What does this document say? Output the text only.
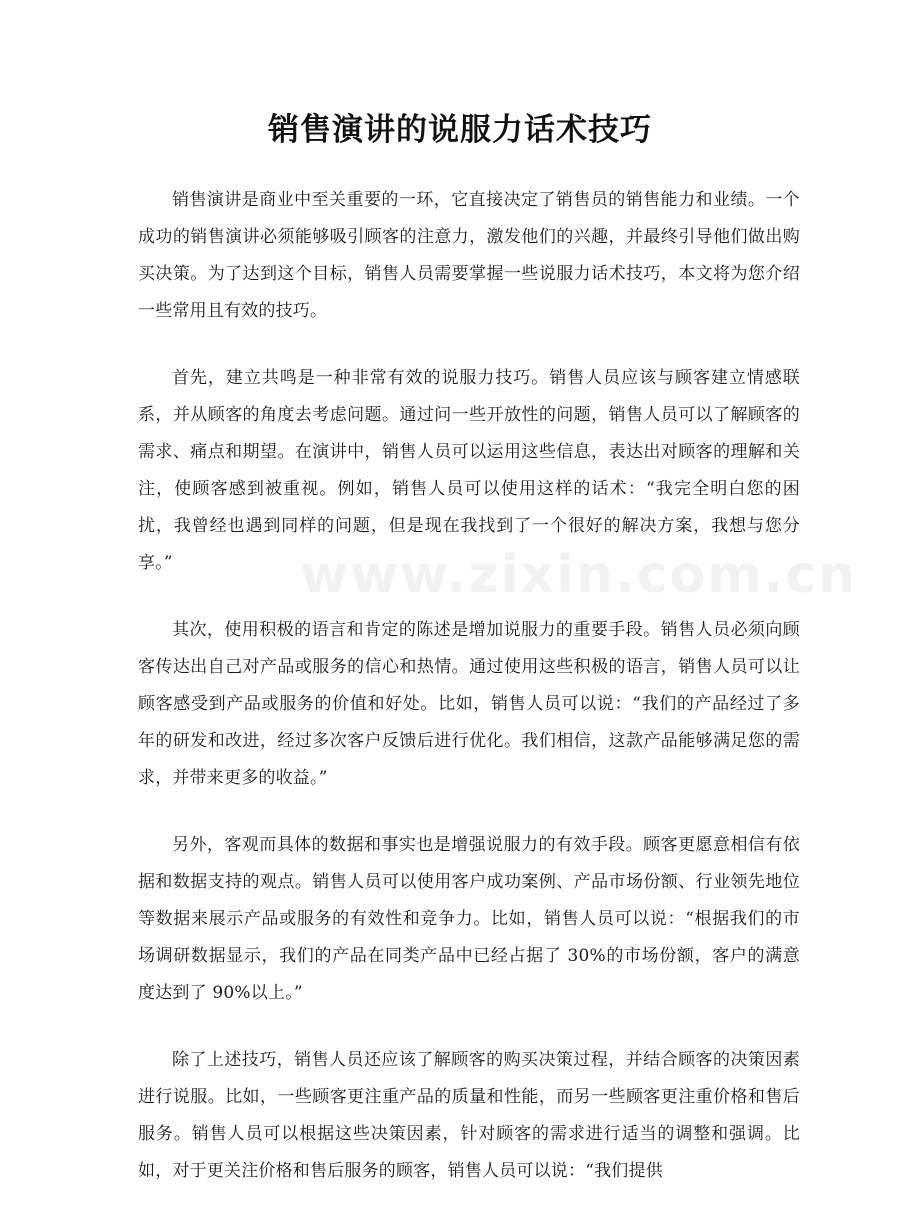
www.zixin.com.cn
销售演讲的说服力话术技巧

销售演讲是商业中至关重要的一环，它直接决定了销售员的销售能力和业绩。一个成功的销售演讲必须能够吸引顾客的注意力，激发他们的兴趣，并最终引导他们做出购买决策。为了达到这个目标，销售人员需要掌握一些说服力话术技巧，本文将为您介绍一些常用且有效的技巧。

首先，建立共鸣是一种非常有效的说服力技巧。销售人员应该与顾客建立情感联系，并从顾客的角度去考虑问题。通过问一些开放性的问题，销售人员可以了解顾客的需求、痛点和期望。在演讲中，销售人员可以运用这些信息，表达出对顾客的理解和关注，使顾客感到被重视。例如，销售人员可以使用这样的话术：“我完全明白您的困扰，我曾经也遇到同样的问题，但是现在我找到了一个很好的解决方案，我想与您分享。”

其次，使用积极的语言和肯定的陈述是增加说服力的重要手段。销售人员必须向顾客传达出自己对产品或服务的信心和热情。通过使用这些积极的语言，销售人员可以让顾客感受到产品或服务的价值和好处。比如，销售人员可以说：“我们的产品经过了多年的研发和改进，经过多次客户反馈后进行优化。我们相信，这款产品能够满足您的需求，并带来更多的收益。”

另外，客观而具体的数据和事实也是增强说服力的有效手段。顾客更愿意相信有依据和数据支持的观点。销售人员可以使用客户成功案例、产品市场份额、行业领先地位等数据来展示产品或服务的有效性和竞争力。比如，销售人员可以说：“根据我们的市场调研数据显示，我们的产品在同类产品中已经占据了 30%的市场份额，客户的满意度达到了 90%以上。”

除了上述技巧，销售人员还应该了解顾客的购买决策过程，并结合顾客的决策因素进行说服。比如，一些顾客更注重产品的质量和性能，而另一些顾客更注重价格和售后服务。销售人员可以根据这些决策因素，针对顾客的需求进行适当的调整和强调。比如，对于更关注价格和售后服务的顾客，销售人员可以说：“我们提供
